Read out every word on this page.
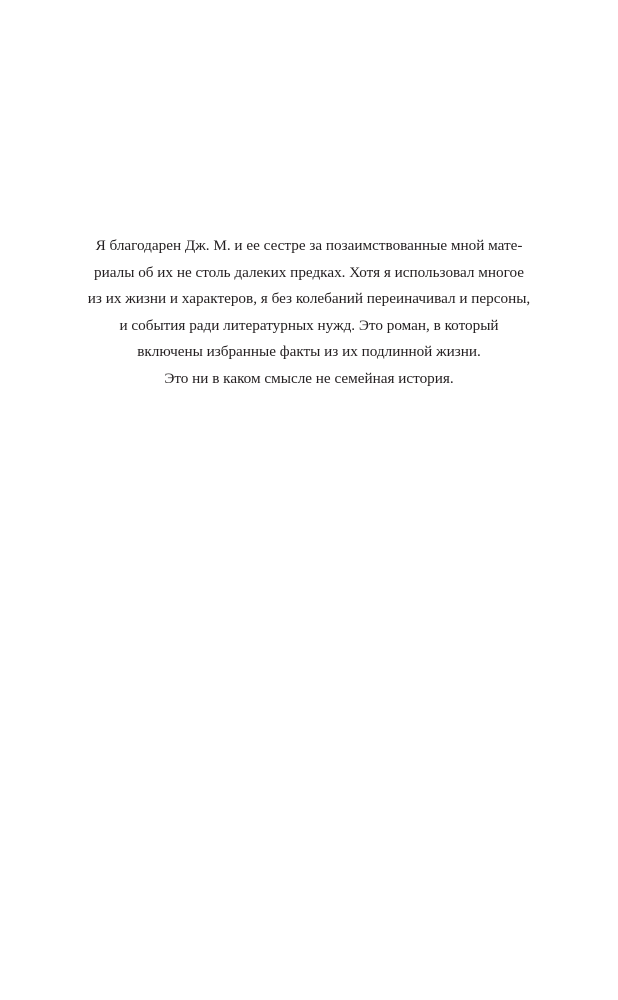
Я благодарен Дж. М. и ее сестре за позаимствованные мной мате-
риалы об их не столь далеких предках. Хотя я использовал многое
из их жизни и характеров, я без колебаний переиначивал и персоны,
и события ради литературных нужд. Это роман, в который
включены избранные факты из их подлинной жизни.
Это ни в каком смысле не семейная история.
